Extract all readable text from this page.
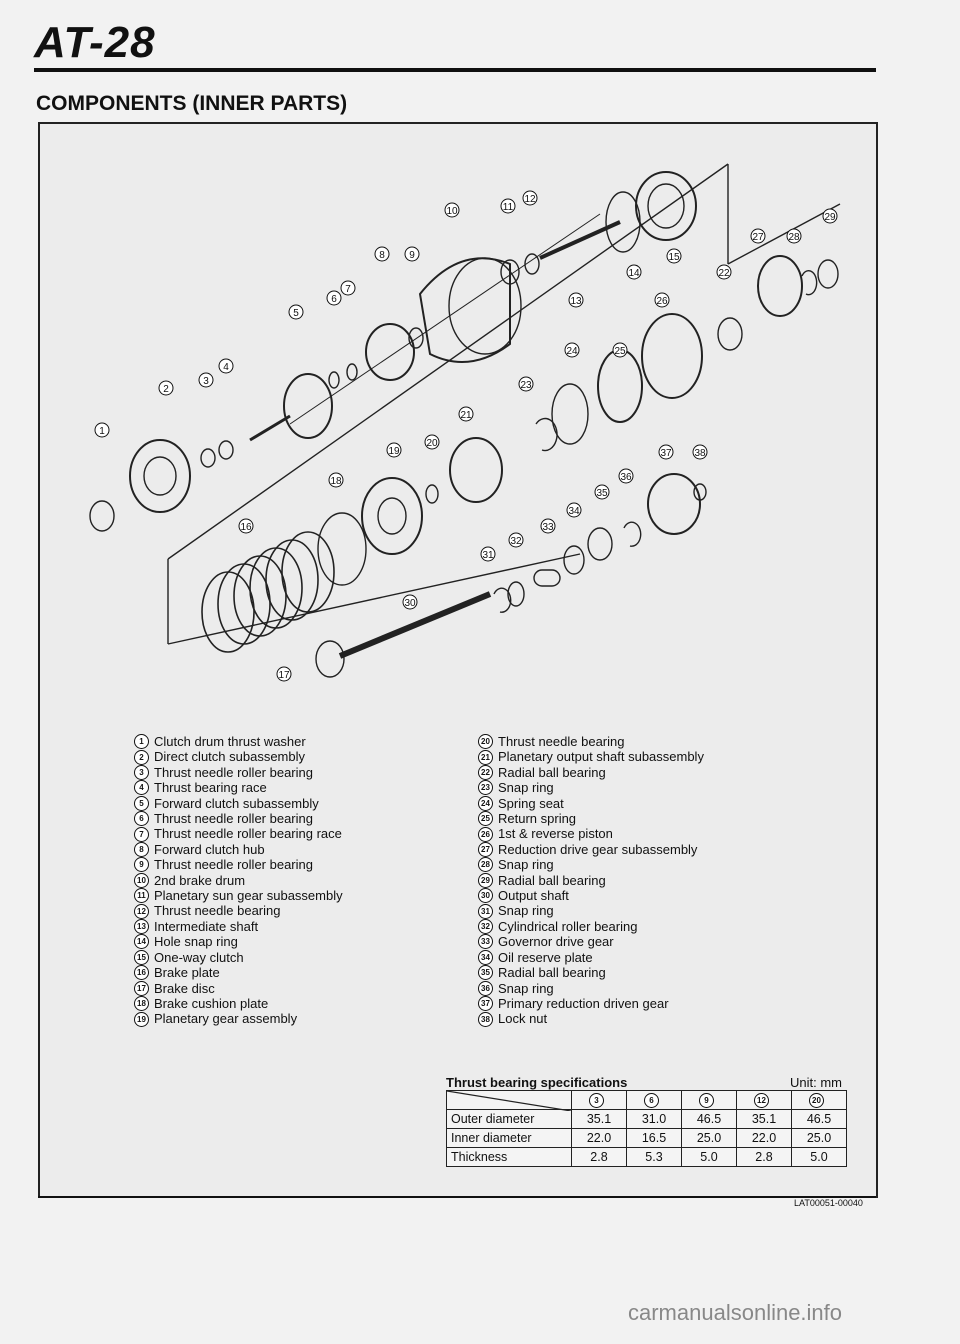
AT-28
COMPONENTS (INNER PARTS)
1
2
3
4
5
6
7
8 9
10	11
12
13
14
15
16
17
18
19
20
21
22
23
24	25
26
27 28
29
30
31
32
33
34
35
36
37 38
1 Clutch drum thrust washer
2 Direct clutch subassembly
3 Thrust needle roller bearing
4 Thrust bearing race
5 Forward clutch subassembly
6 Thrust needle roller bearing
7 Thrust needle roller bearing race
8 Forward clutch hub
9 Thrust needle roller bearing
10 2nd brake drum
11 Planetary sun gear subassembly
12 Thrust needle bearing
13 Intermediate shaft
14 Hole snap ring
15 One-way clutch
16 Brake plate
17 Brake disc
18 Brake cushion plate
19 Planetary gear assembly
20 Thrust needle bearing
21 Planetary output shaft subassembly
22 Radial ball bearing
23 Snap ring
24 Spring seat
25 Return spring
26 1st & reverse piston
27 Reduction drive gear subassembly
28 Snap ring
29 Radial ball bearing
30 Output shaft
31 Snap ring
32 Cylindrical roller bearing
33 Governor drive gear
34 Oil reserve plate
35 Radial ball bearing
36 Snap ring
37 Primary reduction driven gear
38 Lock nut
Thrust bearing specifications	Unit: mm
	3	6	9	12	20
Outer diameter	35.1	31.0	46.5	35.1	46.5
Inner diameter	22.0	16.5	25.0	22.0	25.0
Thickness	2.8	5.3	5.0	2.8	5.0
LAT00051-00040
carmanualsonline.info
